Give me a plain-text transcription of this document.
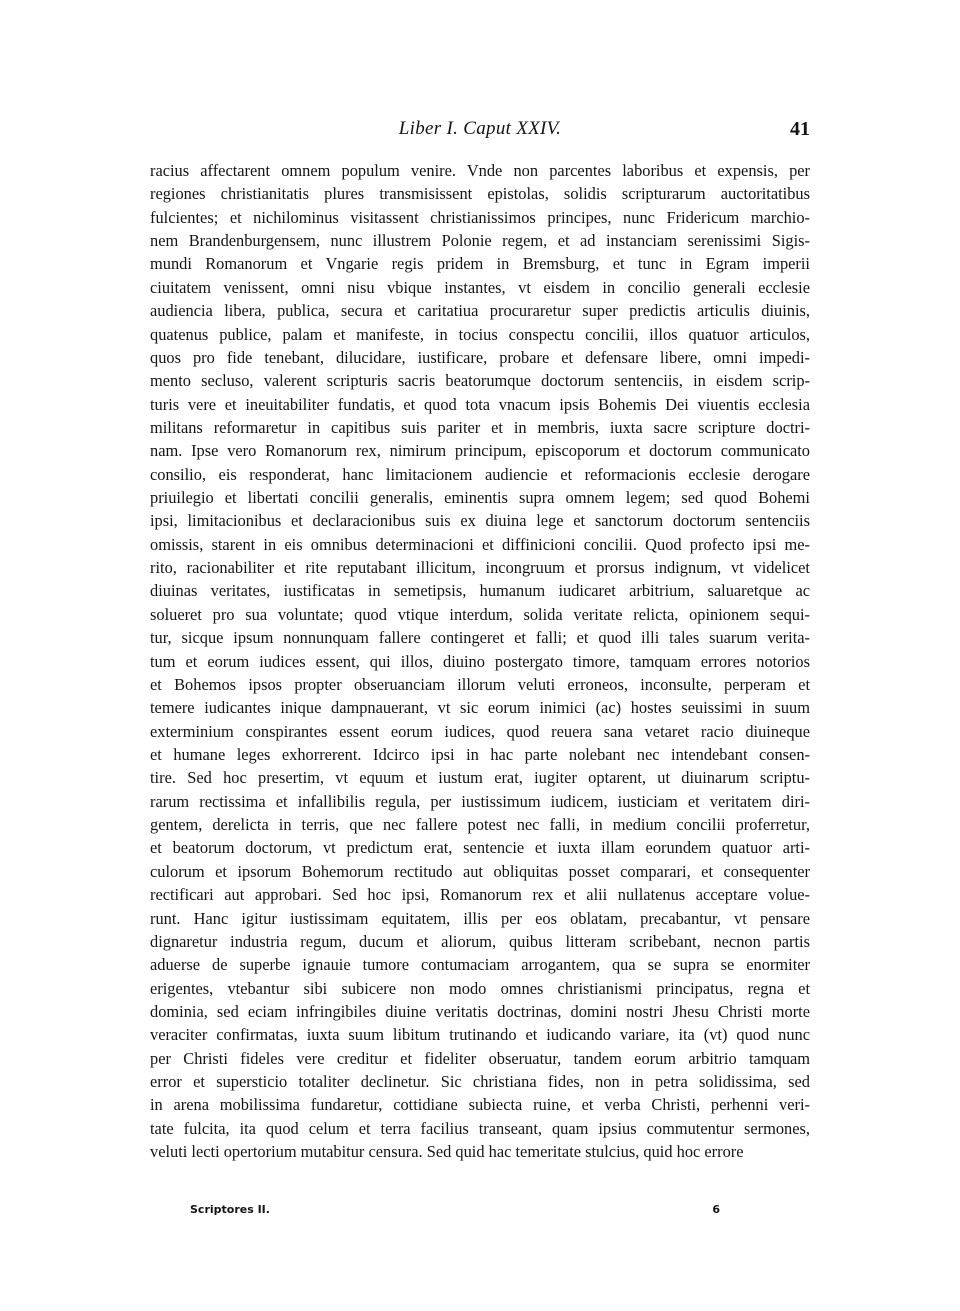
Liber I. Caput XXIV.	41
racius affectarent omnem populum venire. Vnde non parcentes laboribus et expensis, per
regiones christianitatis plures transmisissent epistolas, solidis scripturarum auctoritatibus
fulcientes; et nichilominus visitassent christianissimos principes, nunc Fridericum marchio-
nem Brandenburgensem, nunc illustrem Polonie regem, et ad instanciam serenissimi Sigis-
mundi Romanorum et Vngarie regis pridem in Bremsburg, et tunc in Egram imperii
ciuitatem venissent, omni nisu vbique instantes, vt eisdem in concilio generali ecclesie
audiencia libera, publica, secura et caritatiua procuraretur super predictis articulis diuinis,
quatenus publice, palam et manifeste, in tocius conspectu concilii, illos quatuor articulos,
quos pro fide tenebant, dilucidare, iustificare, probare et defensare libere, omni impedi-
mento secluso, valerent scripturis sacris beatorumque doctorum sentenciis, in eisdem scrip-
turis vere et ineuitabiliter fundatis, et quod tota vnacum ipsis Bohemis Dei viuentis ecclesia
militans reformaretur in capitibus suis pariter et in membris, iuxta sacre scripture doctri-
nam. Ipse vero Romanorum rex, nimirum principum, episcoporum et doctorum communicato
consilio, eis responderat, hanc limitacionem audiencie et reformacionis ecclesie derogare
priuilegio et libertati concilii generalis, eminentis supra omnem legem; sed quod Bohemi
ipsi, limitacionibus et declaracionibus suis ex diuina lege et sanctorum doctorum sentenciis
omissis, starent in eis omnibus determinacioni et diffinicioni concilii. Quod profecto ipsi me-
rito, racionabiliter et rite reputabant illicitum, incongruum et prorsus indignum, vt videlicet
diuinas veritates, iustificatas in semetipsis, humanum iudicaret arbitrium, saluaretque ac
solueret pro sua voluntate; quod vtique interdum, solida veritate relicta, opinionem sequi-
tur, sicque ipsum nonnunquam fallere contingeret et falli; et quod illi tales suarum verita-
tum et eorum iudices essent, qui illos, diuino postergato timore, tamquam errores notorios
et Bohemos ipsos propter obseruanciam illorum veluti erroneos, inconsulte, perperam et
temere iudicantes inique dampnauerant, vt sic eorum inimici (ac) hostes seuissimi in suum
exterminium conspirantes essent eorum iudices, quod reuera sana vetaret racio diuineque
et humane leges exhorrerent. Idcirco ipsi in hac parte nolebant nec intendebant consen-
tire. Sed hoc presertim, vt equum et iustum erat, iugiter optarent, ut diuinarum scriptu-
rarum rectissima et infallibilis regula, per iustissimum iudicem, iusticiam et veritatem diri-
gentem, derelicta in terris, que nec fallere potest nec falli, in medium concilii proferretur,
et beatorum doctorum, vt predictum erat, sentencie et iuxta illam eorundem quatuor arti-
culorum et ipsorum Bohemorum rectitudo aut obliquitas posset comparari, et consequenter
rectificari aut approbari. Sed hoc ipsi, Romanorum rex et alii nullatenus acceptare volue-
runt. Hanc igitur iustissimam equitatem, illis per eos oblatam, precabantur, vt pensare
dignaretur industria regum, ducum et aliorum, quibus litteram scribebant, necnon partis
aduerse de superbe ignauie tumore contumaciam arrogantem, qua se supra se enormiter
erigentes, vtebantur sibi subicere non modo omnes christianismi principatus, regna et
dominia, sed eciam infringibiles diuine veritatis doctrinas, domini nostri Jhesu Christi morte
veraciter confirmatas, iuxta suum libitum trutinando et iudicando variare, ita (vt) quod nunc
per Christi fideles vere creditur et fideliter obseruatur, tandem eorum arbitrio tamquam
error et supersticio totaliter declinetur. Sic christiana fides, non in petra solidissima, sed
in arena mobilissima fundaretur, cottidiane subiecta ruine, et verba Christi, perhenni veri-
tate fulcita, ita quod celum et terra facilius transeant, quam ipsius commutentur sermones,
veluti lecti opertorium mutabitur censura. Sed quid hac temeritate stulcius, quid hoc errore
Scriptores II.	6
